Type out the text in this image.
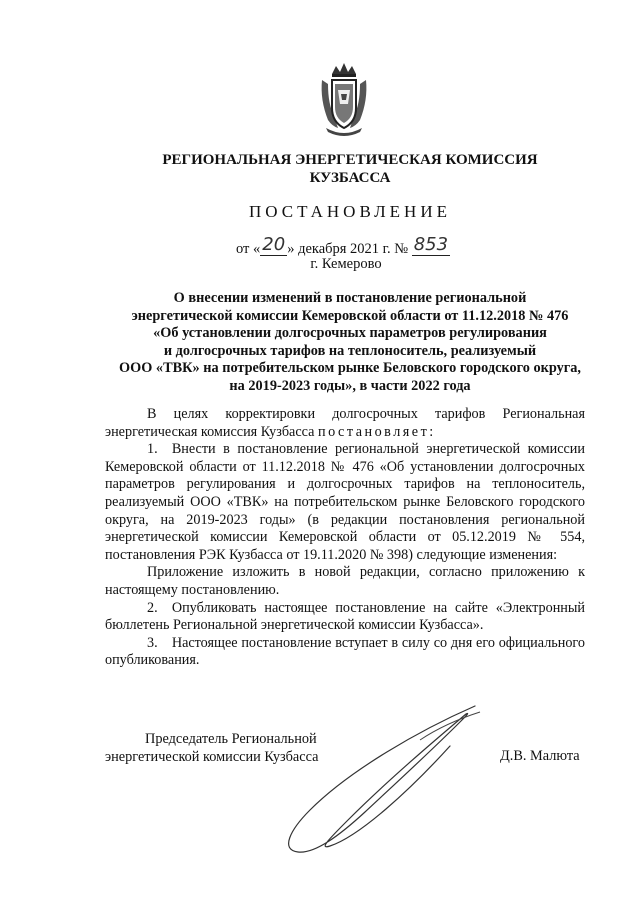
РЕГИОНАЛЬНАЯ ЭНЕРГЕТИЧЕСКАЯ КОМИССИЯ
КУЗБАССА
ПОСТАНОВЛЕНИЕ
от « 20 » декабря 2021 г. № 853
г. Кемерово
О внесении изменений в постановление региональной
энергетической комиссии Кемеровской области от 11.12.2018 № 476
«Об установлении долгосрочных параметров регулирования
и долгосрочных тарифов на теплоноситель, реализуемый
ООО «ТВК» на потребительском рынке Беловского городского округа,
на 2019-2023 годы», в части 2022 года

В целях корректировки долгосрочных тарифов Региональная энергетическая комиссия Кузбасса постановляет:

1. Внести в постановление региональной энергетической комиссии Кемеровской области от 11.12.2018 № 476 «Об установлении долгосрочных параметров регулирования и долгосрочных тарифов на теплоноситель, реализуемый ООО «ТВК» на потребительском рынке Беловского городского округа, на 2019-2023 годы» (в редакции постановления региональной энергетической комиссии Кемеровской области от 05.12.2019 № 554, постановления РЭК Кузбасса от 19.11.2020 № 398) следующие изменения:

Приложение изложить в новой редакции, согласно приложению к настоящему постановлению.

2. Опубликовать настоящее постановление на сайте «Электронный бюллетень Региональной энергетической комиссии Кузбасса».

3. Настоящее постановление вступает в силу со дня его официального опубликования.

Председатель Региональной
энергетической комиссии Кузбасса	Д.В. Малюта
